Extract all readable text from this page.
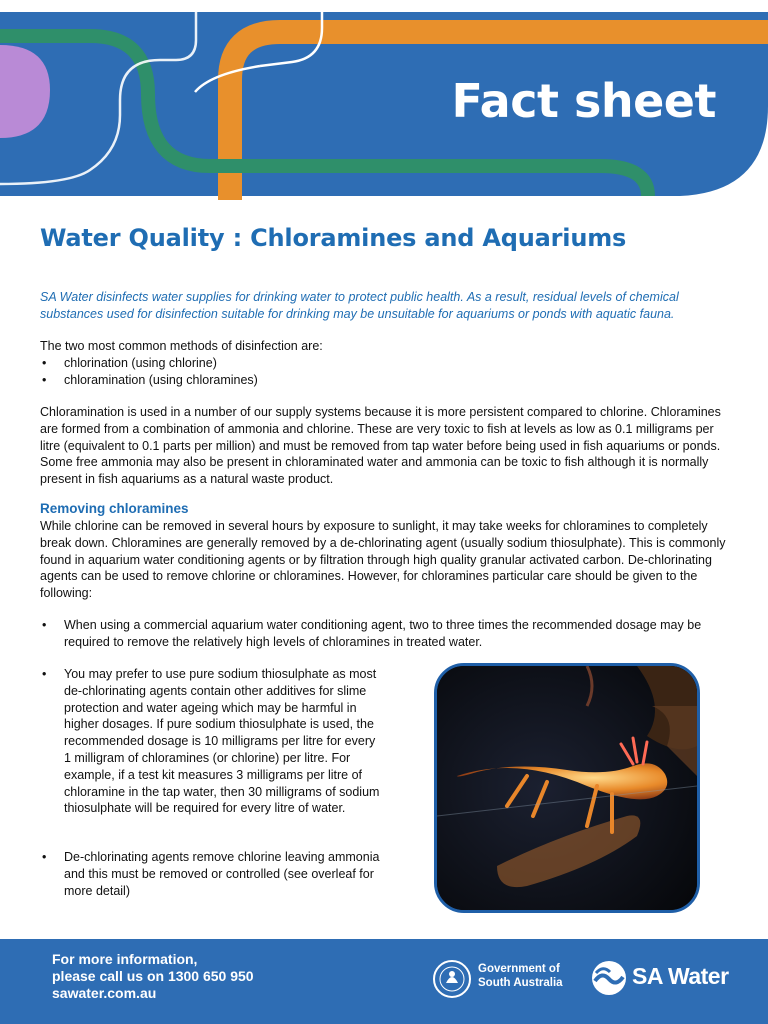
Fact sheet
Water Quality : Chloramines and Aquariums
SA Water disinfects water supplies for drinking water to protect public health. As a result, residual levels of chemical substances used for disinfection suitable for drinking may be unsuitable for aquariums or ponds with aquatic fauna.
The two most common methods of disinfection are:
• chlorination (using chlorine)
• chloramination (using chloramines)
Chloramination is used in a number of our supply systems because it is more persistent compared to chlorine. Chloramines are formed from a combination of ammonia and chlorine. These are very toxic to fish at levels as low as 0.1 milligrams per litre (equivalent to 0.1 parts per million) and must be removed from tap water before being used in fish aquariums or ponds. Some free ammonia may also be present in chloraminated water and ammonia can be toxic to fish although it is normally present in fish aquariums as a natural waste product.
Removing chloramines
While chlorine can be removed in several hours by exposure to sunlight, it may take weeks for chloramines to completely break down. Chloramines are generally removed by a de-chlorinating agent (usually sodium thiosulphate). This is commonly found in aquarium water conditioning agents or by filtration through high quality granular activated carbon. De-chlorinating agents can be used to remove chlorine or chloramines. However, for chloramines particular care should be given to the following:
• When using a commercial aquarium water conditioning agent, two to three times the recommended dosage may be required to remove the relatively high levels of chloramines in treated water.
• You may prefer to use pure sodium thiosulphate as most de-chlorinating agents contain other additives for slime protection and water ageing which may be harmful in higher dosages. If pure sodium thiosulphate is used, the recommended dosage is 10 milligrams per litre for every 1 milligram of chloramines (or chlorine) per litre. For example, if a test kit measures 3 milligrams per litre of chloramine in the tap water, then 30 milligrams of sodium thiosulphate will be required for every litre of water.
• De-chlorinating agents remove chlorine leaving ammonia and this must be removed or controlled (see overleaf for more detail)
For more information,
please call us on 1300 650 950
sawater.com.au
Government of
South Australia	SA Water
